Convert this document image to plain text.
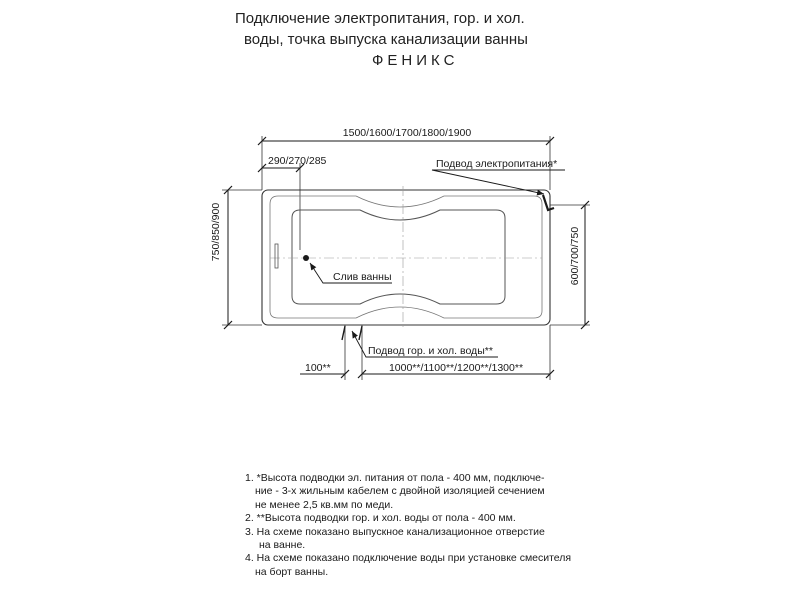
Подключение электропитания, гор. и хол.
воды, точка выпуска канализации ванны
ФЕНИКС
1500/1600/1700/1800/1900
290/270/285
750/850/900	600/700/750
100**	1000**/1100**/1200**/1300**
Подвод электропитания*
Слив ванны
Подвод гор. и хол. воды**
1. *Высота подводки эл. питания от пола - 400 мм, подключе-
ние - 3-х жильным кабелем с двойной изоляцией сечением
не менее 2,5 кв.мм по меди.
2. **Высота подводки гор. и хол. воды от пола - 400 мм.
3. На схеме показано выпускное канализационное отверстие
на ванне.
4. На схеме показано подключение воды при установке смесителя
на борт ванны.
